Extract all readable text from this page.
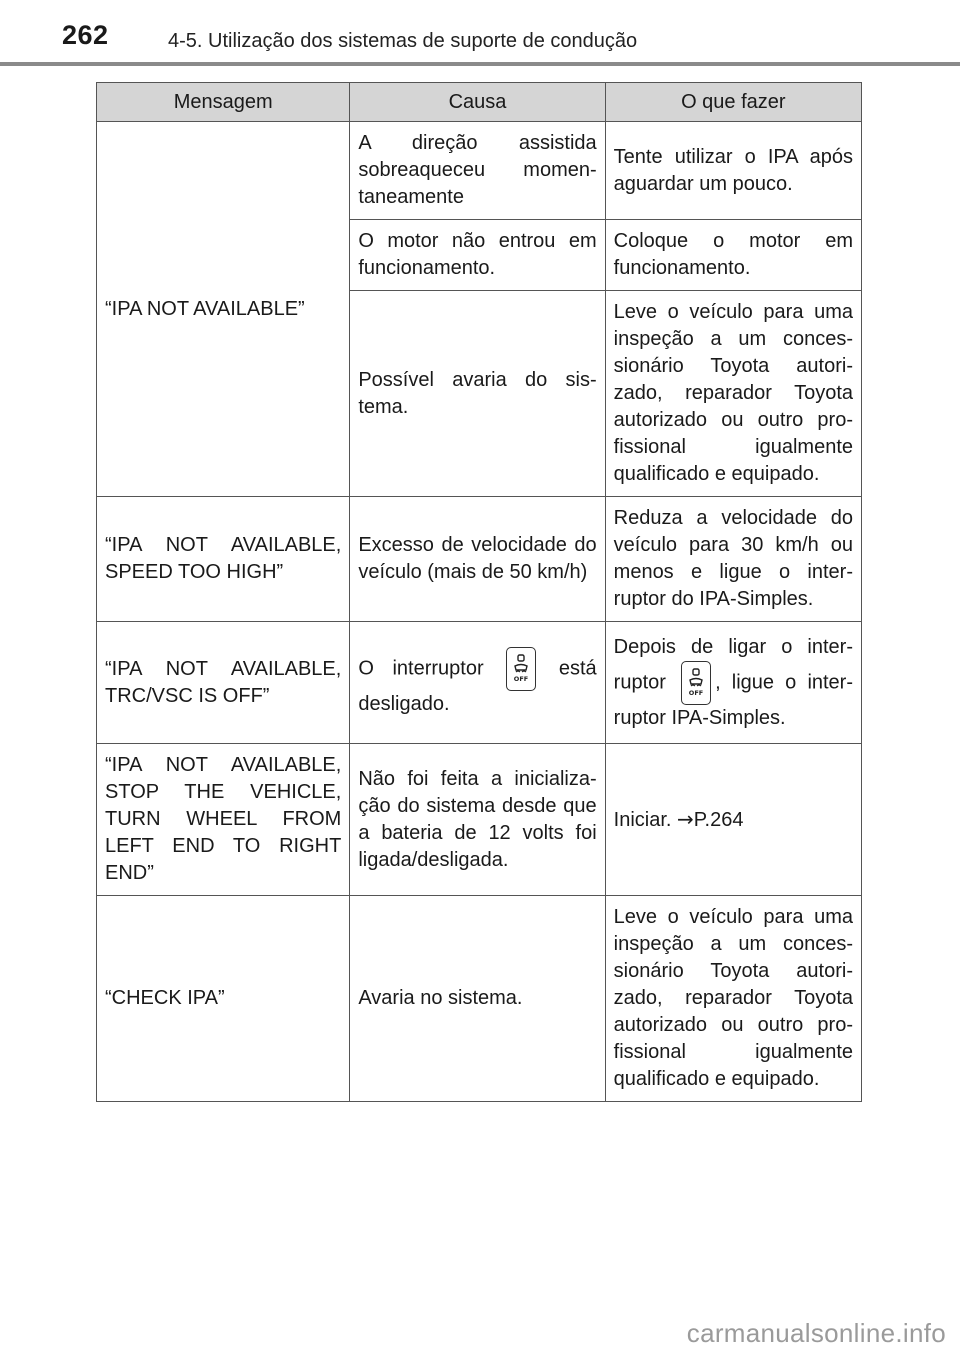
262	4-5. Utilização dos sistemas de suporte de condução
Mensagem	Causa	O que fazer
“IPA NOT AVAILABLE”	A direção assistida sobreaqueceu momen-taneamente	Tente utilizar o IPA após aguardar um pouco.
	O motor não entrou em funcionamento.	Coloque o motor em funcionamento.
	Possível avaria do sis-tema.	Leve o veículo para uma inspeção a um conces-sionário Toyota autori-zado, reparador Toyota autorizado ou outro pro-fissional igualmente qualificado e equipado.
“IPA NOT AVAILABLE, SPEED TOO HIGH”	Excesso de velocidade do veículo (mais de 50 km/h)	Reduza a velocidade do veículo para 30 km/h ou menos e ligue o inter-ruptor do IPA-Simples.
“IPA NOT AVAILABLE, TRC/VSC IS OFF”	O interruptor OFF está desligado.	Depois de ligar o inter-ruptor OFF , ligue o inter-ruptor IPA-Simples.
“IPA NOT AVAILABLE, STOP THE VEHICLE, TURN WHEEL FROM LEFT END TO RIGHT END”	Não foi feita a inicializa-ção do sistema desde que a bateria de 12 volts foi ligada/desligada.	Iniciar. →P.264
“CHECK IPA”	Avaria no sistema.	Leve o veículo para uma inspeção a um conces-sionário Toyota autori-zado, reparador Toyota autorizado ou outro pro-fissional igualmente qualificado e equipado.
carmanualsonline.info
